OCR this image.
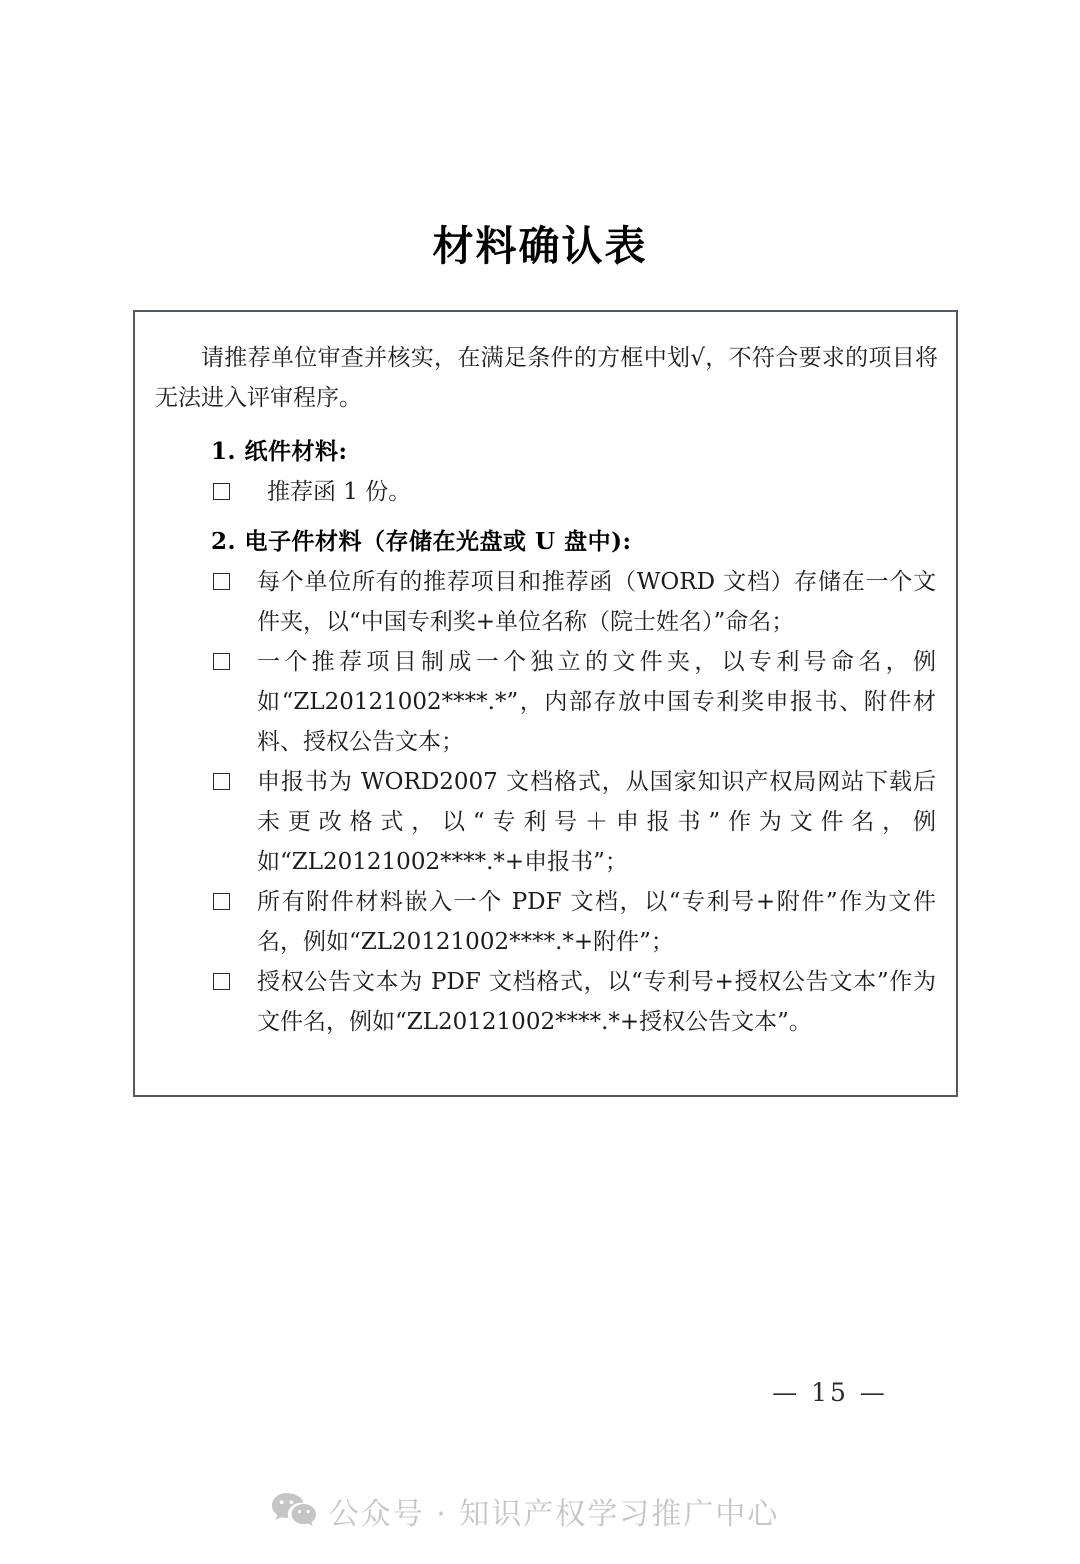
材料确认表

请推荐单位审查并核实，在满足条件的方框中划√，不符合要求的项目将无法进入评审程序。

1. 纸件材料:
推荐函 1 份。
2. 电子件材料（存储在光盘或 U 盘中):
每个单位所有的推荐项目和推荐函（WORD 文档）存储在一个文件夹，以“中国专利奖+单位名称（院士姓名）”命名；
一个推荐项目制成一个独立的文件夹，以专利号命名，例如“ZL20121002****.*”，内部存放中国专利奖申报书、附件材料、授权公告文本；
申报书为 WORD2007 文档格式，从国家知识产权局网站下载后未更改格式，以“专利号＋申报书”作为文件名，例如“ZL20121002****.*+申报书”；
所有附件材料嵌入一个 PDF 文档，以“专利号+附件”作为文件名，例如“ZL20121002****.*+附件”；
授权公告文本为 PDF 文档格式，以“专利号+授权公告文本”作为文件名，例如“ZL20121002****.*+授权公告文本”。
— 15 —
公众号 · 知识产权学习推广中心
